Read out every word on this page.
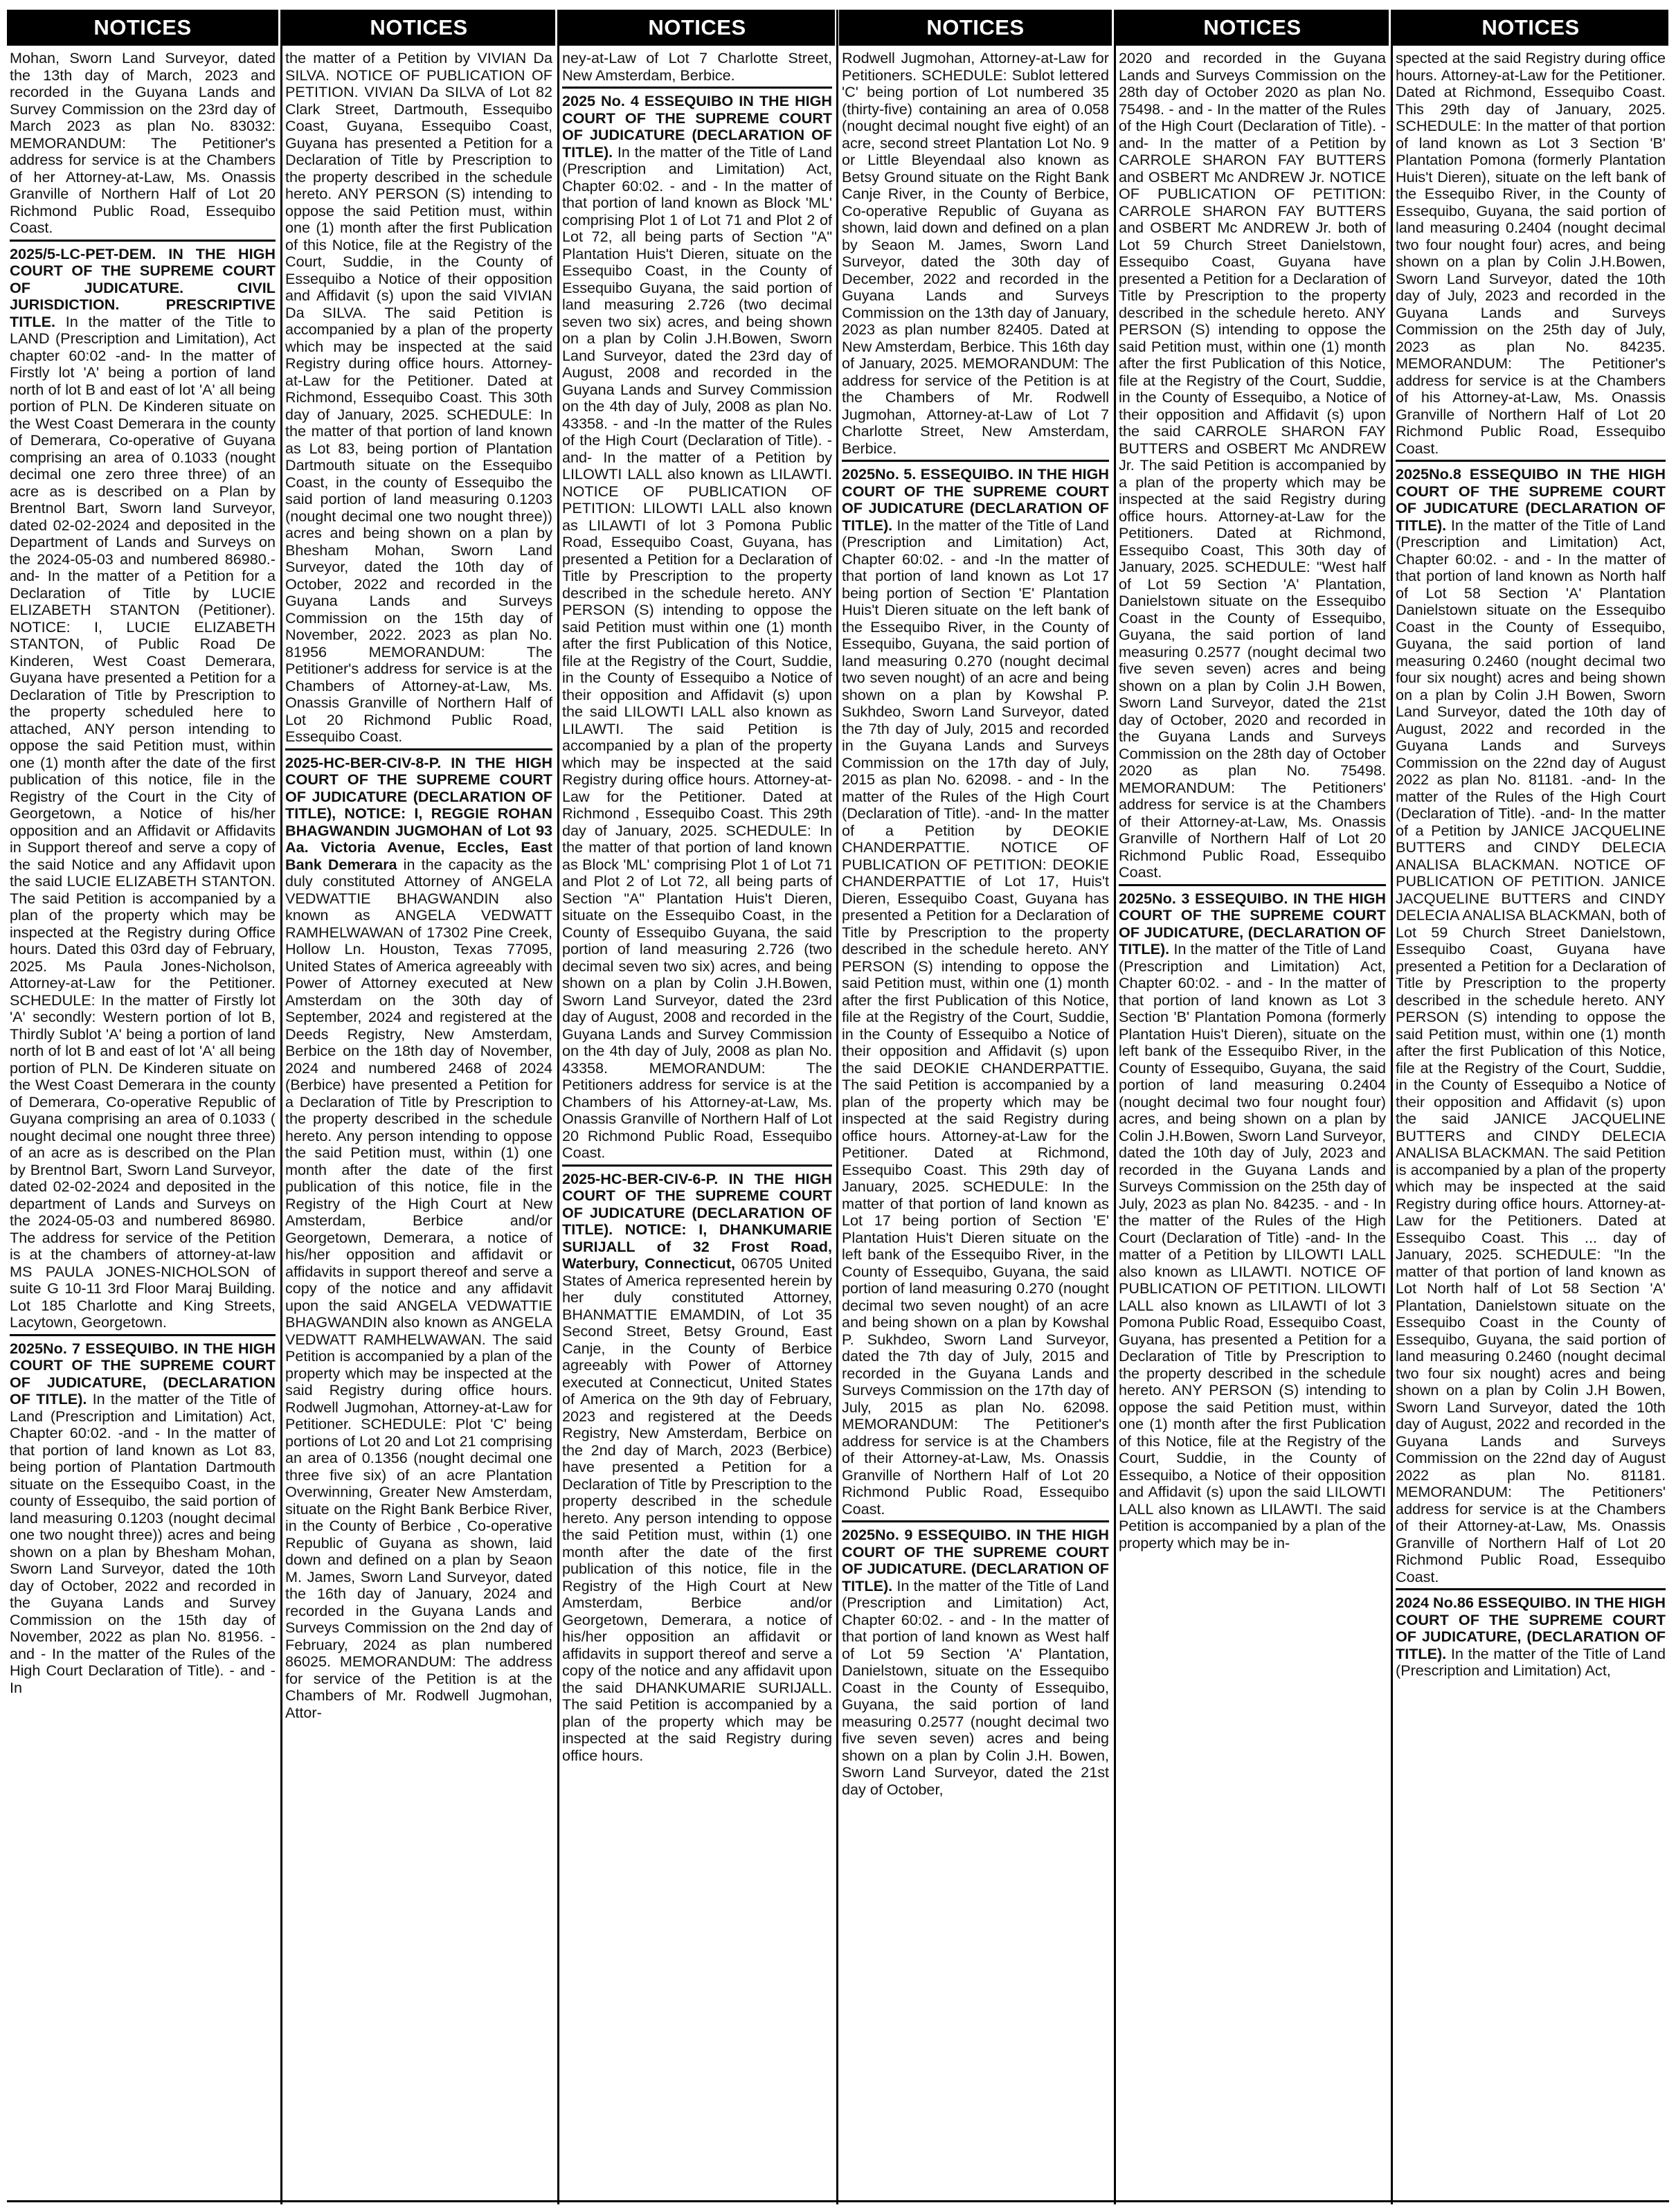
NOTICES

Mohan, Sworn Land Surveyor, dated the 13th day of March, 2023 and recorded in the Guyana Lands and Survey Commission on the 23rd day of March 2023 as plan No. 83032: MEMORANDUM: The Petitioner's address for service is at the Chambers of her Attorney-at-Law, Ms. Onassis Granville of Northern Half of Lot 20 Richmond Public Road, Essequibo Coast.

2025/5-LC-PET-DEM. IN THE HIGH COURT OF THE SUPREME COURT OF JUDICATURE. CIVIL JURISDICTION. PRESCRIPTIVE TITLE. In the matter of the Title to LAND (Prescription and Limitation), Act chapter 60:02 -and- In the matter of Firstly lot 'A' being a portion of land north of lot B and east of lot 'A' all being portion of PLN. De Kinderen situate on the West Coast Demerara in the county of Demerara, Co-operative of Guyana comprising an area of 0.1033 (nought decimal one zero three three) of an acre as is described on a Plan by Brentnol Bart, Sworn land Surveyor, dated 02-02-2024 and deposited in the Department of Lands and Surveys on the 2024-05-03 and numbered 86980.-and- In the matter of a Petition for a Declaration of Title by LUCIE ELIZABETH STANTON (Petitioner). NOTICE: I, LUCIE ELIZABETH STANTON, of Public Road De Kinderen, West Coast Demerara, Guyana have presented a Petition for a Declaration of Title by Prescription to the property scheduled here to attached, ANY person intending to oppose the said Petition must, within one (1) month after the date of the first publication of this notice, file in the Registry of the Court in the City of Georgetown, a Notice of his/her opposition and an Affidavit or Affidavits in Support thereof and serve a copy of the said Notice and any Affidavit upon the said LUCIE ELIZABETH STANTON. The said Petition is accompanied by a plan of the property which may be inspected at the Registry during Office hours. Dated this 03rd day of February, 2025. Ms Paula Jones-Nicholson, Attorney-at-Law for the Petitioner. SCHEDULE: In the matter of Firstly lot 'A' secondly: Western portion of lot B, Thirdly Sublot 'A' being a portion of land north of lot B and east of lot 'A' all being portion of PLN. De Kinderen situate on the West Coast Demerara in the county of Demerara, Co-operative Republic of Guyana comprising an area of 0.1033 ( nought decimal one nought three three) of an acre as is described on the Plan by Brentnol Bart, Sworn Land Surveyor, dated 02-02-2024 and deposited in the department of Lands and Surveys on the 2024-05-03 and numbered 86980. The address for service of the Petition is at the chambers of attorney-at-law MS PAULA JONES-NICHOLSON of suite G 10-11 3rd Floor Maraj Building. Lot 185 Charlotte and King Streets, Lacytown, Georgetown.

2025No. 7 ESSEQUIBO. IN THE HIGH COURT OF THE SUPREME COURT OF JUDICATURE, (DECLARATION OF TITLE). In the matter of the Title of Land (Prescription and Limitation) Act, Chapter 60:02. -and - In the matter of that portion of land known as Lot 83, being portion of Plantation Dartmouth situate on the Essequibo Coast, in the county of Essequibo, the said portion of land measuring 0.1203 (nought decimal one two nought three)) acres and being shown on a plan by Bhesham Mohan, Sworn Land Surveyor, dated the 10th day of October, 2022 and recorded in the Guyana Lands and Survey Commission on the 15th day of November, 2022 as plan No. 81956. - and - In the matter of the Rules of the High Court Declaration of Title). - and - In

NOTICES

the matter of a Petition by VIVIAN Da SILVA. NOTICE OF PUBLICATION OF PETITION. VIVIAN Da SILVA of Lot 82 Clark Street, Dartmouth, Essequibo Coast, Guyana, Essequibo Coast, Guyana has presented a Petition for a Declaration of Title by Prescription to the property described in the schedule hereto. ANY PERSON (S) intending to oppose the said Petition must, within one (1) month after the first Publication of this Notice, file at the Registry of the Court, Suddie, in the County of Essequibo a Notice of their opposition and Affidavit (s) upon the said VIVIAN Da SILVA. The said Petition is accompanied by a plan of the property which may be inspected at the said Registry during office hours. Attorney-at-Law for the Petitioner. Dated at Richmond, Essequibo Coast. This 30th day of January, 2025. SCHEDULE: In the matter of that portion of land known as Lot 83, being portion of Plantation Dartmouth situate on the Essequibo Coast, in the county of Essequibo the said portion of land measuring 0.1203 (nought decimal one two nought three)) acres and being shown on a plan by Bhesham Mohan, Sworn Land Surveyor, dated the 10th day of October, 2022 and recorded in the Guyana Lands and Surveys Commission on the 15th day of November, 2022. 2023 as plan No. 81956 MEMORANDUM: The Petitioner's address for service is at the Chambers of Attorney-at-Law, Ms. Onassis Granville of Northern Half of Lot 20 Richmond Public Road, Essequibo Coast.

2025-HC-BER-CIV-8-P. IN THE HIGH COURT OF THE SUPREME COURT OF JUDICATURE (DECLARATION OF TITLE), NOTICE: I, REGGIE ROHAN BHAGWANDIN JUGMOHAN of Lot 93 Aa. Victoria Avenue, Eccles, East Bank Demerara in the capacity as the duly constituted Attorney of ANGELA VEDWATTIE BHAGWANDIN also known as ANGELA VEDWATT RAMHELWAWAN of 17302 Pine Creek, Hollow Ln. Houston, Texas 77095, United States of America agreeably with Power of Attorney executed at New Amsterdam on the 30th day of September, 2024 and registered at the Deeds Registry, New Amsterdam, Berbice on the 18th day of November, 2024 and numbered 2468 of 2024 (Berbice) have presented a Petition for a Declaration of Title by Prescription to the property described in the schedule hereto. Any person intending to oppose the said Petition must, within (1) one month after the date of the first publication of this notice, file in the Registry of the High Court at New Amsterdam, Berbice and/or Georgetown, Demerara, a notice of his/her opposition and affidavit or affidavits in support thereof and serve a copy of the notice and any affidavit upon the said ANGELA VEDWATTIE BHAGWANDIN also known as ANGELA VEDWATT RAMHELWAWAN. The said Petition is accompanied by a plan of the property which may be inspected at the said Registry during office hours. Rodwell Jugmohan, Attorney-at-Law for Petitioner. SCHEDULE: Plot 'C' being portions of Lot 20 and Lot 21 comprising an area of 0.1356 (nought decimal one three five six) of an acre Plantation Overwinning, Greater New Amsterdam, situate on the Right Bank Berbice River, in the County of Berbice , Co-operative Republic of Guyana as shown, laid down and defined on a plan by Seaon M. James, Sworn Land Surveyor, dated the 16th day of January, 2024 and recorded in the Guyana Lands and Surveys Commission on the 2nd day of February, 2024 as plan numbered 86025. MEMORANDUM: The address for service of the Petition is at the Chambers of Mr. Rodwell Jugmohan, Attor-

NOTICES

ney-at-Law of Lot 7 Charlotte Street, New Amsterdam, Berbice.

2025 No. 4 ESSEQUIBO IN THE HIGH COURT OF THE SUPREME COURT OF JUDICATURE (DECLARATION OF TITLE). In the matter of the Title of Land (Prescription and Limitation) Act, Chapter 60:02. - and - In the matter of that portion of land known as Block 'ML' comprising Plot 1 of Lot 71 and Plot 2 of Lot 72, all being parts of Section "A" Plantation Huis't Dieren, situate on the Essequibo Coast, in the County of Essequibo Guyana, the said portion of land measuring 2.726 (two decimal seven two six) acres, and being shown on a plan by Colin J.H.Bowen, Sworn Land Surveyor, dated the 23rd day of August, 2008 and recorded in the Guyana Lands and Survey Commission on the 4th day of July, 2008 as plan No. 43358. - and -In the matter of the Rules of the High Court (Declaration of Title). -and- In the matter of a Petition by LILOWTI LALL also known as LILAWTI. NOTICE OF PUBLICATION OF PETITION: LILOWTI LALL also known as LILAWTI of lot 3 Pomona Public Road, Essequibo Coast, Guyana, has presented a Petition for a Declaration of Title by Prescription to the property described in the schedule hereto. ANY PERSON (S) intending to oppose the said Petition must within one (1) month after the first Publication of this Notice, file at the Registry of the Court, Suddie, in the County of Essequibo a Notice of their opposition and Affidavit (s) upon the said LILOWTI LALL also known as LILAWTI. The said Petition is accompanied by a plan of the property which may be inspected at the said Registry during office hours. Attorney-at-Law for the Petitioner. Dated at Richmond , Essequibo Coast. This 29th day of January, 2025. SCHEDULE: In the matter of that portion of land known as Block 'ML' comprising Plot 1 of Lot 71 and Plot 2 of Lot 72, all being parts of Section "A" Plantation Huis't Dieren, situate on the Essequibo Coast, in the County of Essequibo Guyana, the said portion of land measuring 2.726 (two decimal seven two six) acres, and being shown on a plan by Colin J.H.Bowen, Sworn Land Surveyor, dated the 23rd day of August, 2008 and recorded in the Guyana Lands and Survey Commission on the 4th day of July, 2008 as plan No. 43358. MEMORANDUM: The Petitioners address for service is at the Chambers of his Attorney-at-Law, Ms. Onassis Granville of Northern Half of Lot 20 Richmond Public Road, Essequibo Coast.

2025-HC-BER-CIV-6-P. IN THE HIGH COURT OF THE SUPREME COURT OF JUDICATURE (DECLARATION OF TITLE). NOTICE: I, DHANKUMARIE SURIJALL of 32 Frost Road, Waterbury, Connecticut, 06705 United States of America represented herein by her duly constituted Attorney, BHANMATTIE EMAMDIN, of Lot 35 Second Street, Betsy Ground, East Canje, in the County of Berbice agreeably with Power of Attorney executed at Connecticut, United States of America on the 9th day of February, 2023 and registered at the Deeds Registry, New Amsterdam, Berbice on the 2nd day of March, 2023 (Berbice) have presented a Petition for a Declaration of Title by Prescription to the property described in the schedule hereto. Any person intending to oppose the said Petition must, within (1) one month after the date of the first publication of this notice, file in the Registry of the High Court at New Amsterdam, Berbice and/or Georgetown, Demerara, a notice of his/her opposition an affidavit or affidavits in support thereof and serve a copy of the notice and any affidavit upon the said DHANKUMARIE SURIJALL. The said Petition is accompanied by a plan of the property which may be inspected at the said Registry during office hours.

NOTICES

Rodwell Jugmohan, Attorney-at-Law for Petitioners. SCHEDULE: Sublot lettered 'C' being portion of Lot numbered 35 (thirty-five) containing an area of 0.058 (nought decimal nought five eight) of an acre, second street Plantation Lot No. 9 or Little Bleyendaal also known as Betsy Ground situate on the Right Bank Canje River, in the County of Berbice, Co-operative Republic of Guyana as shown, laid down and defined on a plan by Seaon M. James, Sworn Land Surveyor, dated the 30th day of December, 2022 and recorded in the Guyana Lands and Surveys Commission on the 13th day of January, 2023 as plan number 82405. Dated at New Amsterdam, Berbice. This 16th day of January, 2025. MEMORANDUM: The address for service of the Petition is at the Chambers of Mr. Rodwell Jugmohan, Attorney-at-Law of Lot 7 Charlotte Street, New Amsterdam, Berbice.

2025No. 5. ESSEQUIBO. IN THE HIGH COURT OF THE SUPREME COURT OF JUDICATURE (DECLARATION OF TITLE). In the matter of the Title of Land (Prescription and Limitation) Act, Chapter 60:02. - and -In the matter of that portion of land known as Lot 17 being portion of Section 'E' Plantation Huis't Dieren situate on the left bank of the Essequibo River, in the County of Essequibo, Guyana, the said portion of land measuring 0.270 (nought decimal two seven nought) of an acre and being shown on a plan by Kowshal P. Sukhdeo, Sworn Land Surveyor, dated the 7th day of July, 2015 and recorded in the Guyana Lands and Surveys Commission on the 17th day of July, 2015 as plan No. 62098. - and - In the matter of the Rules of the High Court (Declaration of Title). -and- In the matter of a Petition by DEOKIE CHANDERPATTIE. NOTICE OF PUBLICATION OF PETITION: DEOKIE CHANDERPATTIE of Lot 17, Huis't Dieren, Essequibo Coast, Guyana has presented a Petition for a Declaration of Title by Prescription to the property described in the schedule hereto. ANY PERSON (S) intending to oppose the said Petition must, within one (1) month after the first Publication of this Notice, file at the Registry of the Court, Suddie, in the County of Essequibo a Notice of their opposition and Affidavit (s) upon the said DEOKIE CHANDERPATTIE. The said Petition is accompanied by a plan of the property which may be inspected at the said Registry during office hours. Attorney-at-Law for the Petitioner. Dated at Richmond, Essequibo Coast. This 29th day of January, 2025. SCHEDULE: In the matter of that portion of land known as Lot 17 being portion of Section 'E' Plantation Huis't Dieren situate on the left bank of the Essequibo River, in the County of Essequibo, Guyana, the said portion of land measuring 0.270 (nought decimal two seven nought) of an acre and being shown on a plan by Kowshal P. Sukhdeo, Sworn Land Surveyor, dated the 7th day of July, 2015 and recorded in the Guyana Lands and Surveys Commission on the 17th day of July, 2015 as plan No. 62098. MEMORANDUM: The Petitioner's address for service is at the Chambers of their Attorney-at-Law, Ms. Onassis Granville of Northern Half of Lot 20 Richmond Public Road, Essequibo Coast.

2025No. 9 ESSEQUIBO. IN THE HIGH COURT OF THE SUPREME COURT OF JUDICATURE. (DECLARATION OF TITLE). In the matter of the Title of Land (Prescription and Limitation) Act, Chapter 60:02. - and - In the matter of that portion of land known as West half of Lot 59 Section 'A' Plantation, Danielstown, situate on the Essequibo Coast in the County of Essequibo, Guyana, the said portion of land measuring 0.2577 (nought decimal two five seven seven) acres and being shown on a plan by Colin J.H. Bowen, Sworn Land Surveyor, dated the 21st day of October,

NOTICES

2020 and recorded in the Guyana Lands and Surveys Commission on the 28th day of October 2020 as plan No. 75498. - and - In the matter of the Rules of the High Court (Declaration of Title). -and- In the matter of a Petition by CARROLE SHARON FAY BUTTERS and OSBERT Mc ANDREW Jr. NOTICE OF PUBLICATION OF PETITION: CARROLE SHARON FAY BUTTERS and OSBERT Mc ANDREW Jr. both of Lot 59 Church Street Danielstown, Essequibo Coast, Guyana have presented a Petition for a Declaration of Title by Prescription to the property described in the schedule hereto. ANY PERSON (S) intending to oppose the said Petition must, within one (1) month after the first Publication of this Notice, file at the Registry of the Court, Suddie, in the County of Essequibo, a Notice of their opposition and Affidavit (s) upon the said CARROLE SHARON FAY BUTTERS and OSBERT Mc ANDREW Jr. The said Petition is accompanied by a plan of the property which may be inspected at the said Registry during office hours. Attorney-at-Law for the Petitioners. Dated at Richmond, Essequibo Coast, This 30th day of January, 2025. SCHEDULE: "West half of Lot 59 Section 'A' Plantation, Danielstown situate on the Essequibo Coast in the County of Essequibo, Guyana, the said portion of land measuring 0.2577 (nought decimal two five seven seven) acres and being shown on a plan by Colin J.H Bowen, Sworn Land Surveyor, dated the 21st day of October, 2020 and recorded in the Guyana Lands and Surveys Commission on the 28th day of October 2020 as plan No. 75498. MEMORANDUM: The Petitioners' address for service is at the Chambers of their Attorney-at-Law, Ms. Onassis Granville of Northern Half of Lot 20 Richmond Public Road, Essequibo Coast.

2025No. 3 ESSEQUIBO. IN THE HIGH COURT OF THE SUPREME COURT OF JUDICATURE, (DECLARATION OF TITLE). In the matter of the Title of Land (Prescription and Limitation) Act, Chapter 60:02. - and - In the matter of that portion of land known as Lot 3 Section 'B' Plantation Pomona (formerly Plantation Huis't Dieren), situate on the left bank of the Essequibo River, in the County of Essequibo, Guyana, the said portion of land measuring 0.2404 (nought decimal two four nought four) acres, and being shown on a plan by Colin J.H.Bowen, Sworn Land Surveyor, dated the 10th day of July, 2023 and recorded in the Guyana Lands and Surveys Commission on the 25th day of July, 2023 as plan No. 84235. - and - In the matter of the Rules of the High Court (Declaration of Title) -and- In the matter of a Petition by LILOWTI LALL also known as LILAWTI. NOTICE OF PUBLICATION OF PETITION. LILOWTI LALL also known as LILAWTI of lot 3 Pomona Public Road, Essequibo Coast, Guyana, has presented a Petition for a Declaration of Title by Prescription to the property described in the schedule hereto. ANY PERSON (S) intending to oppose the said Petition must, within one (1) month after the first Publication of this Notice, file at the Registry of the Court, Suddie, in the County of Essequibo, a Notice of their opposition and Affidavit (s) upon the said LILOWTI LALL also known as LILAWTI. The said Petition is accompanied by a plan of the property which may be in-

NOTICES

spected at the said Registry during office hours. Attorney-at-Law for the Petitioner. Dated at Richmond, Essequibo Coast. This 29th day of January, 2025. SCHEDULE: In the matter of that portion of land known as Lot 3 Section 'B' Plantation Pomona (formerly Plantation Huis't Dieren), situate on the left bank of the Essequibo River, in the County of Essequibo, Guyana, the said portion of land measuring 0.2404 (nought decimal two four nought four) acres, and being shown on a plan by Colin J.H.Bowen, Sworn Land Surveyor, dated the 10th day of July, 2023 and recorded in the Guyana Lands and Surveys Commission on the 25th day of July, 2023 as plan No. 84235. MEMORANDUM: The Petitioner's address for service is at the Chambers of his Attorney-at-Law, Ms. Onassis Granville of Northern Half of Lot 20 Richmond Public Road, Essequibo Coast.

2025No.8 ESSEQUIBO IN THE HIGH COURT OF THE SUPREME COURT OF JUDICATURE (DECLARATION OF TITLE). In the matter of the Title of Land (Prescription and Limitation) Act, Chapter 60:02. - and - In the matter of that portion of land known as North half of Lot 58 Section 'A' Plantation Danielstown situate on the Essequibo Coast in the County of Essequibo, Guyana, the said portion of land measuring 0.2460 (nought decimal two four six nought) acres and being shown on a plan by Colin J.H Bowen, Sworn Land Surveyor, dated the 10th day of August, 2022 and recorded in the Guyana Lands and Surveys Commission on the 22nd day of August 2022 as plan No. 81181. -and- In the matter of the Rules of the High Court (Declaration of Title). -and- In the matter of a Petition by JANICE JACQUELINE BUTTERS and CINDY DELECIA ANALISA BLACKMAN. NOTICE OF PUBLICATION OF PETITION. JANICE JACQUELINE BUTTERS and CINDY DELECIA ANALISA BLACKMAN, both of Lot 59 Church Street Danielstown, Essequibo Coast, Guyana have presented a Petition for a Declaration of Title by Prescription to the property described in the schedule hereto. ANY PERSON (S) intending to oppose the said Petition must, within one (1) month after the first Publication of this Notice, file at the Registry of the Court, Suddie, in the County of Essequibo a Notice of their opposition and Affidavit (s) upon the said JANICE JACQUELINE BUTTERS and CINDY DELECIA ANALISA BLACKMAN. The said Petition is accompanied by a plan of the property which may be inspected at the said Registry during office hours. Attorney-at-Law for the Petitioners. Dated at Essequibo Coast. This ... day of January, 2025. SCHEDULE: "In the matter of that portion of land known as Lot North half of Lot 58 Section 'A' Plantation, Danielstown situate on the Essequibo Coast in the County of Essequibo, Guyana, the said portion of land measuring 0.2460 (nought decimal two four six nought) acres and being shown on a plan by Colin J.H Bowen, Sworn Land Surveyor, dated the 10th day of August, 2022 and recorded in the Guyana Lands and Surveys Commission on the 22nd day of August 2022 as plan No. 81181. MEMORANDUM: The Petitioners' address for service is at the Chambers of their Attorney-at-Law, Ms. Onassis Granville of Northern Half of Lot 20 Richmond Public Road, Essequibo Coast.

2024 No.86 ESSEQUIBO. IN THE HIGH COURT OF THE SUPREME COURT OF JUDICATURE, (DECLARATION OF TITLE). In the matter of the Title of Land (Prescription and Limitation) Act,
